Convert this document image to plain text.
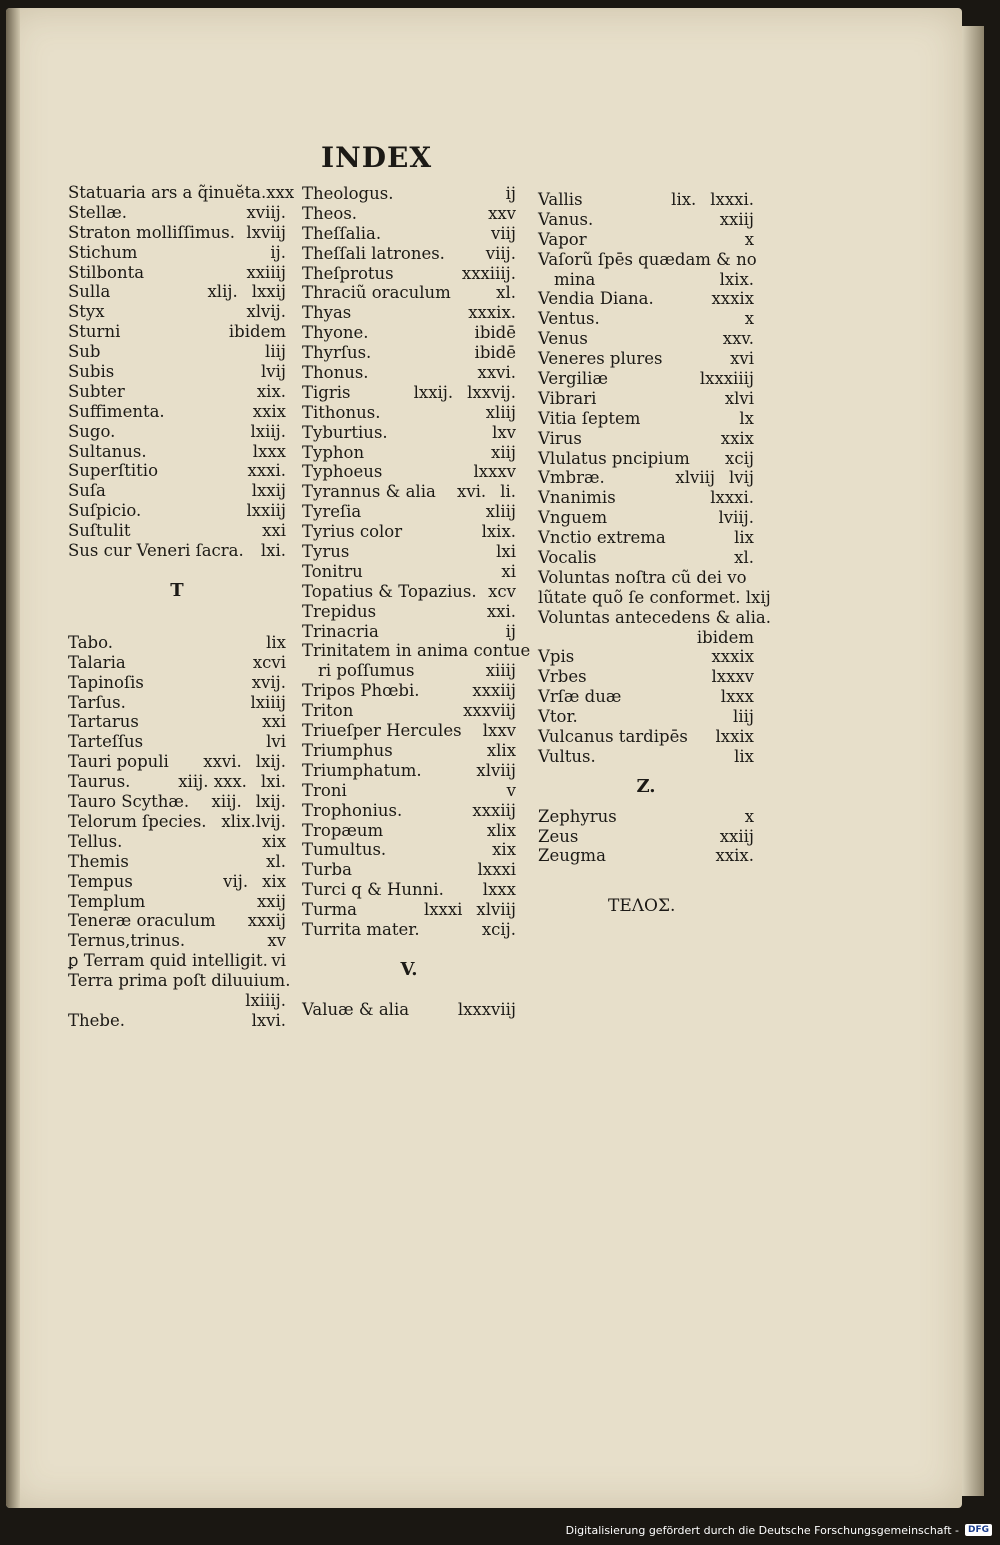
INDEX
Statuaria ars a q̃inuĕta. xxx
Stellæ.	xviij.
Straton molliſſimus. lxviij
Stichum	ij.
Stilbonta	xxiiij
Sulla	xlij. lxxij
Styx	xlvij.
Sturni	ibidem
Sub	liij
Subis	lvij
Subter	xix.
Suffimenta.	xxix
Sugo.	lxiij.
Sultanus.	lxxx
Superſtitio	xxxi.
Suſa	lxxij
Suſpicio.	lxxiij
Suſtulit	xxi
Sus cur Veneri ſacra. lxi.
T
Tabo.	lix
Talaria	xcvi
Tapinoſis	xvij.
Tarſus.	lxiiij
Tartarus	xxi
Tarteſſus	lvi
Tauri populi xxvi. lxij.
Taurus.	xiij. xxx. lxi.
Tauro Scythæ. xiij. lxij.
Telorum ſpecies. xlix.lvij.
Tellus.	xix
Themis	xl.
Tempus	vij. xix
Templum	xxij
Teneræ oraculum xxxij
Ternus,trinus.	xv
ꝑ Terram quid intelligit. vi
Terra prima poſt diluuium.
lxiiij.
Thebe.	lxvi.
Theologus.	ij
Theos.	xxv
Theſſalia.	viij
Theſſali latrones. viij.
Theſprotus	xxxiiij.
Thraciũ oraculum	xl.
Thyas	xxxix.
Thyone.	ibidē
Thyrſus.	ibidē
Thonus.	xxvi.
Tigris	lxxij. lxxvij.
Tithonus.	xliij
Tyburtius.	lxv
Typhon	xiij
Typhoeus	lxxxv
Tyrannus & alia xvi. li.
Tyreſia	xliij
Tyrius color	lxix.
Tyrus	lxi
Tonitru	xi
Topatius & Topazius. xcv
Trepidus	xxi.
Trinacria	ij
Trinitatem in anima contue
ri poſſumus	xiiij
Tripos Phœbi.	xxxiij
Triton	xxxviij
Triueſper Hercules lxxv
Triumphus	xlix
Triumphatum.	xlviij
Troni	v
Trophonius.	xxxiij
Tropæum	xlix
Tumultus.	xix
Turba	lxxxi
Turci q & Hunni. lxxx
Turma	lxxxi xlviij
Turrita mater.	xcij.
V.
Valuæ & alia	lxxxviij
Vallis	lix. lxxxi.
Vanus.	xxiij
Vapor	x
Vaſorũ ſpēs quædam & no
mina	lxix.
Vendia Diana.	xxxix
Ventus.	x
Venus	xxv.
Veneres plures	xvi
Vergiliæ	lxxxiiij
Vibrari	xlvi
Vitia ſeptem	lx
Virus	xxix
Vlulatus pncipium xcij
Vmbræ.	xlviij lvij
Vnanimis	lxxxi.
Vnguem	lviij.
Vnctio extrema	lix
Vocalis	xl.
Voluntas noſtra cũ dei vo
lũtate quõ ſe conformet. lxij
Voluntas antecedens & alia.
ibidem
Vpis	xxxix
Vrbes	lxxxv
Vrſæ duæ	lxxx
Vtor.	liij
Vulcanus tardipēs lxxix
Vultus.	lix
Z.
Zephyrus	x
Zeus	xxiij
Zeugma	xxix.
ΤΕΛΟΣ.
Digitalisierung gefördert durch die Deutsche Forschungsgemeinschaft -	DFG
